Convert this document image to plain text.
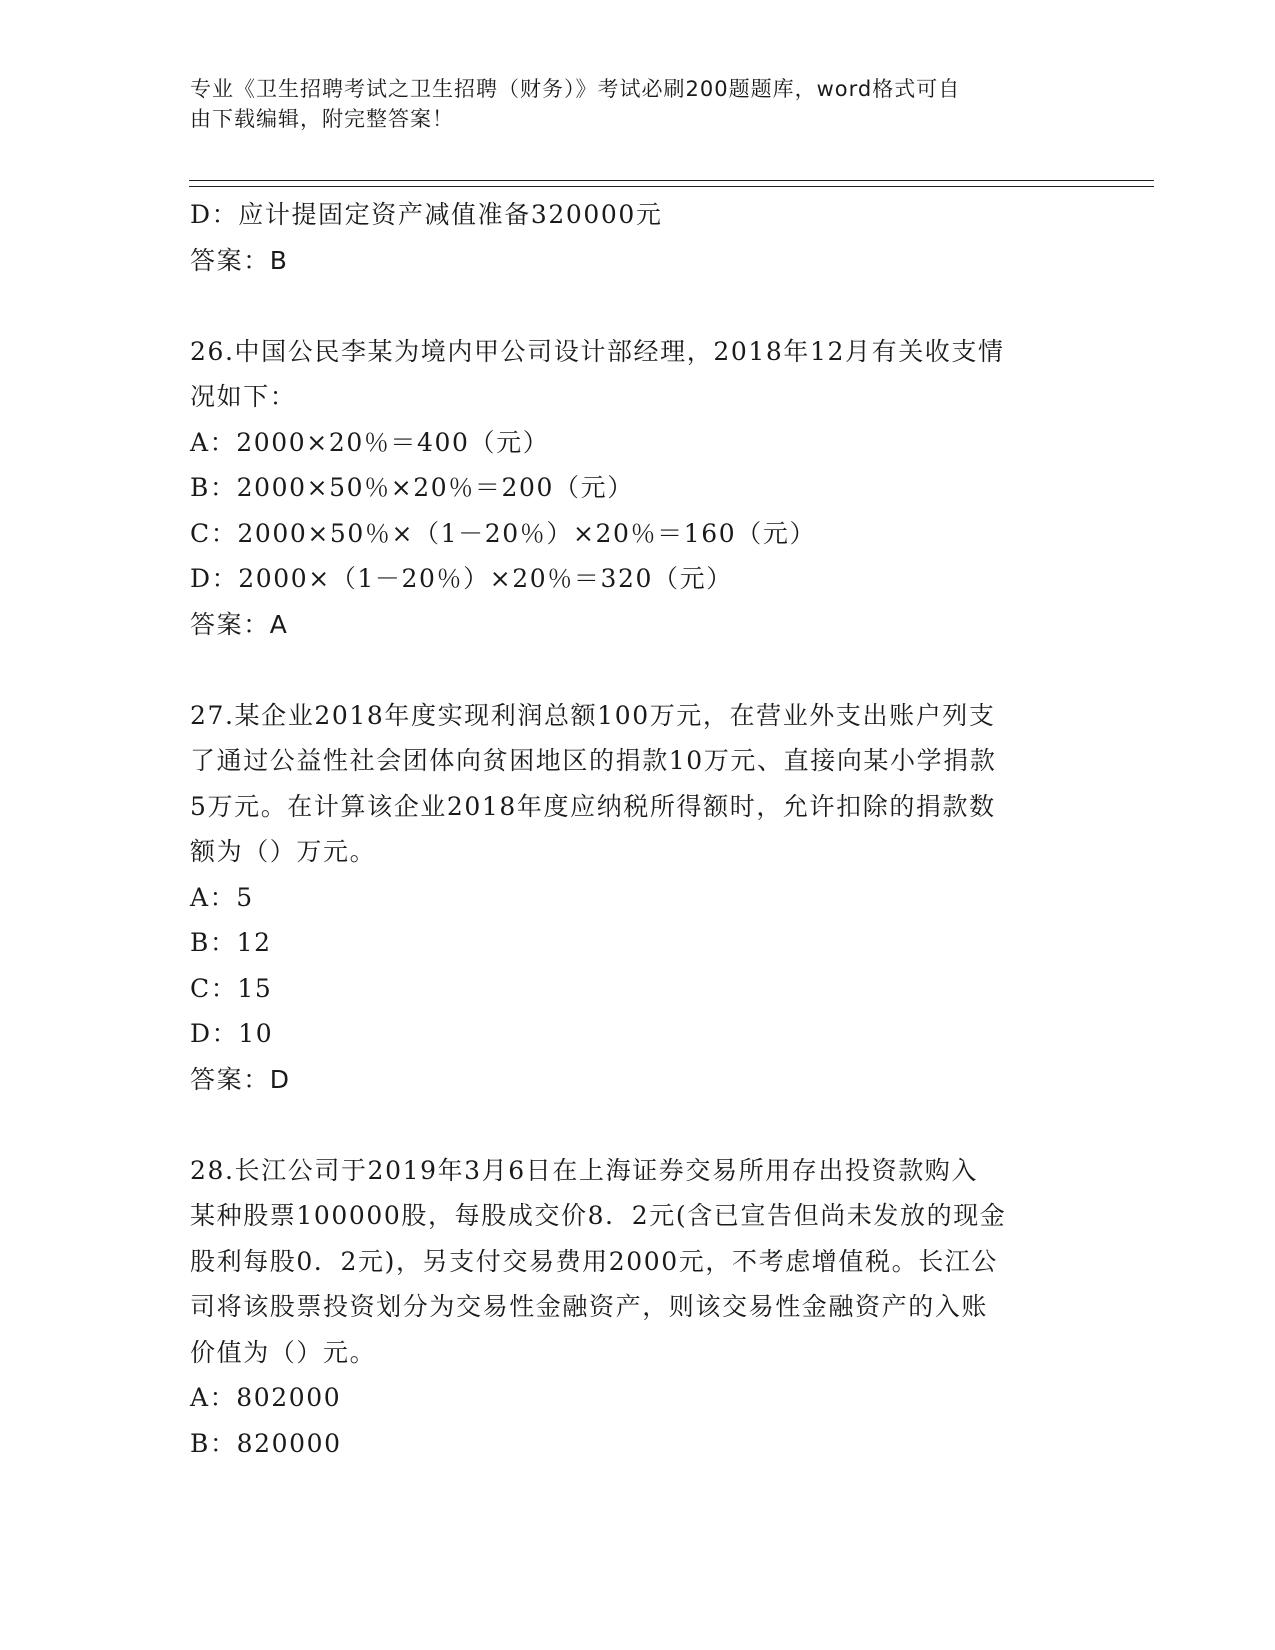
专业《卫生招聘考试之卫生招聘（财务）》考试必刷200题题库，word格式可自
由下载编辑，附完整答案！
D：应计提固定资产减值准备320000元
答案：B
26.中国公民李某为境内甲公司设计部经理，2018年12月有关收支情
况如下：
A：2000×20％＝400（元）
B：2000×50％×20％＝200（元）
C：2000×50％×（1－20％）×20％＝160（元）
D：2000×（1－20％）×20％＝320（元）
答案：A
27.某企业2018年度实现利润总额100万元，在营业外支出账户列支
了通过公益性社会团体向贫困地区的捐款10万元、直接向某小学捐款
5万元。在计算该企业2018年度应纳税所得额时，允许扣除的捐款数
额为（）万元。
A：5
B：12
C：15
D：10
答案：D
28.长江公司于2019年3月6日在上海证券交易所用存出投资款购入
某种股票100000股，每股成交价8．2元(含已宣告但尚未发放的现金
股利每股0．2元)，另支付交易费用2000元，不考虑增值税。长江公
司将该股票投资划分为交易性金融资产，则该交易性金融资产的入账
价值为（）元。
A：802000
B：820000
